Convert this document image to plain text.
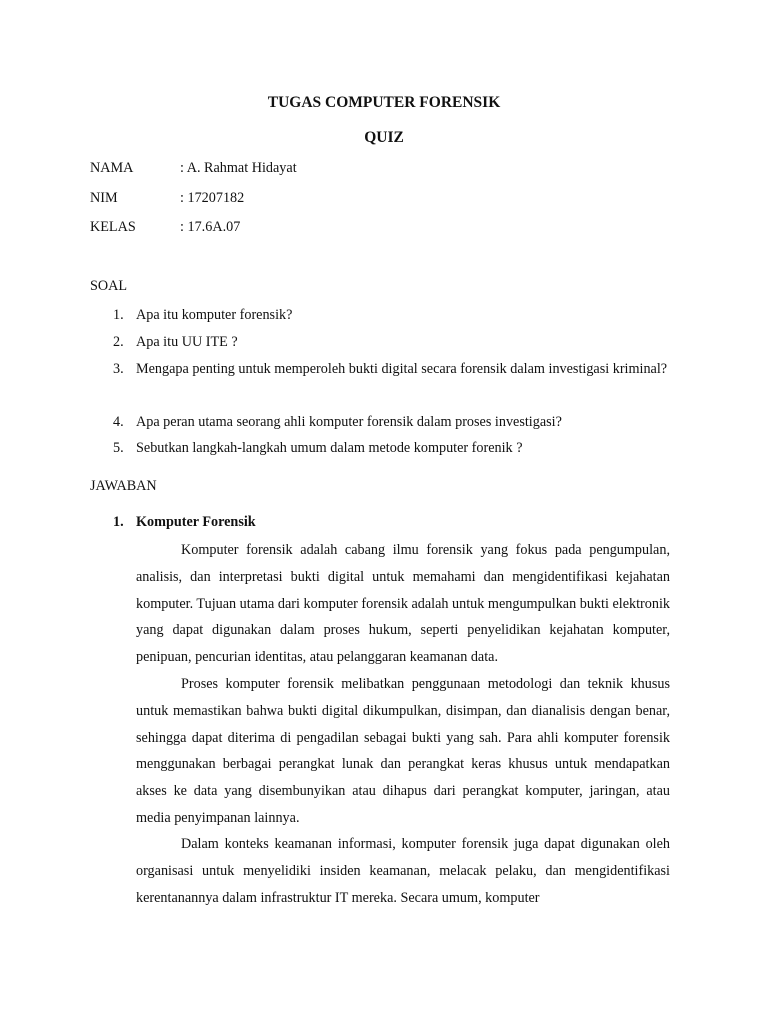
TUGAS COMPUTER FORENSIK
QUIZ
NAMA	: A. Rahmat Hidayat
NIM	: 17207182
KELAS	: 17.6A.07
SOAL
1. Apa itu komputer forensik?
2. Apa itu UU ITE ?
3. Mengapa penting untuk memperoleh bukti digital secara forensik dalam investigasi kriminal?
4. Apa peran utama seorang ahli komputer forensik dalam proses investigasi?
5. Sebutkan langkah-langkah umum dalam metode komputer forenik ?
JAWABAN
1. Komputer Forensik
Komputer forensik adalah cabang ilmu forensik yang fokus pada pengumpulan, analisis, dan interpretasi bukti digital untuk memahami dan mengidentifikasi kejahatan komputer. Tujuan utama dari komputer forensik adalah untuk mengumpulkan bukti elektronik yang dapat digunakan dalam proses hukum, seperti penyelidikan kejahatan komputer, penipuan, pencurian identitas, atau pelanggaran keamanan data.
Proses komputer forensik melibatkan penggunaan metodologi dan teknik khusus untuk memastikan bahwa bukti digital dikumpulkan, disimpan, dan dianalisis dengan benar, sehingga dapat diterima di pengadilan sebagai bukti yang sah. Para ahli komputer forensik menggunakan berbagai perangkat lunak dan perangkat keras khusus untuk mendapatkan akses ke data yang disembunyikan atau dihapus dari perangkat komputer, jaringan, atau media penyimpanan lainnya.
Dalam konteks keamanan informasi, komputer forensik juga dapat digunakan oleh organisasi untuk menyelidiki insiden keamanan, melacak pelaku, dan mengidentifikasi kerentanannya dalam infrastruktur IT mereka. Secara umum, komputer
